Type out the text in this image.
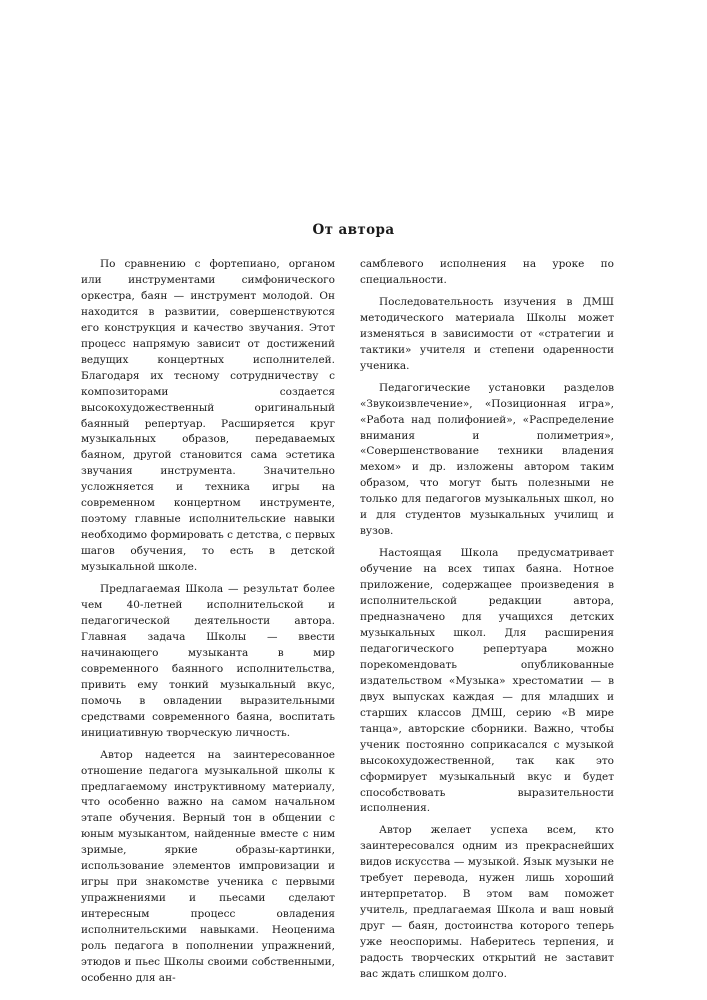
От автора

По сравнению с фортепиано, органом или инструментами симфонического оркестра, баян — инструмент молодой. Он находится в развитии, совершенствуются его конструкция и качество звучания. Этот процесс напрямую зависит от достижений ведущих концертных исполнителей. Благодаря их тесному сотрудничеству с композиторами создается высокохудожественный оригинальный баянный репертуар. Расширяется круг музыкальных образов, передаваемых баяном, другой становится сама эстетика звучания инструмента. Значительно усложняется и техника игры на современном концертном инструменте, поэтому главные исполнительские навыки необходимо формировать с детства, с первых шагов обучения, то есть в детской музыкальной школе.

Предлагаемая Школа — результат более чем 40-летней исполнительской и педагогической деятельности автора. Главная задача Школы — ввести начинающего музыканта в мир современного баянного исполнительства, привить ему тонкий музыкальный вкус, помочь в овладении выразительными средствами современного баяна, воспитать инициативную творческую личность.

Автор надеется на заинтересованное отношение педагога музыкальной школы к предлагаемому инструктивному материалу, что особенно важно на самом начальном этапе обучения. Верный тон в общении с юным музыкантом, найденные вместе с ним зримые, яркие образы-картинки, использование элементов импровизации и игры при знакомстве ученика с первыми упражнениями и пьесами сделают интересным процесс овладения исполнительскими навыками. Неоценима роль педагога в пополнении упражнений, этюдов и пьес Школы своими собственными, особенно для ан-

самблевого исполнения на уроке по специальности.

Последовательность изучения в ДМШ методического материала Школы может изменяться в зависимости от «стратегии и тактики» учителя и степени одаренности ученика.

Педагогические установки разделов «Звукоизвлечение», «Позиционная игра», «Работа над полифонией», «Распределение внимания и полиметрия», «Совершенствование техники владения мехом» и др. изложены автором таким образом, что могут быть полезными не только для педагогов музыкальных школ, но и для студентов музыкальных училищ и вузов.

Настоящая Школа предусматривает обучение на всех типах баяна. Нотное приложение, содержащее произведения в исполнительской редакции автора, предназначено для учащихся детских музыкальных школ. Для расширения педагогического репертуара можно порекомендовать опубликованные издательством «Музыка» хрестоматии — в двух выпусках каждая — для младших и старших классов ДМШ, серию «В мире танца», авторские сборники. Важно, чтобы ученик постоянно соприкасался с музыкой высокохудожественной, так как это сформирует музыкальный вкус и будет способствовать выразительности исполнения.

Автор желает успеха всем, кто заинтересовался одним из прекраснейших видов искусства — музыкой. Язык музыки не требует перевода, нужен лишь хороший интерпретатор. В этом вам поможет учитель, предлагаемая Школа и ваш новый друг — баян, достоинства которого теперь уже неоспоримы. Наберитесь терпения, и радость творческих открытий не заставит вас ждать слишком долго.
